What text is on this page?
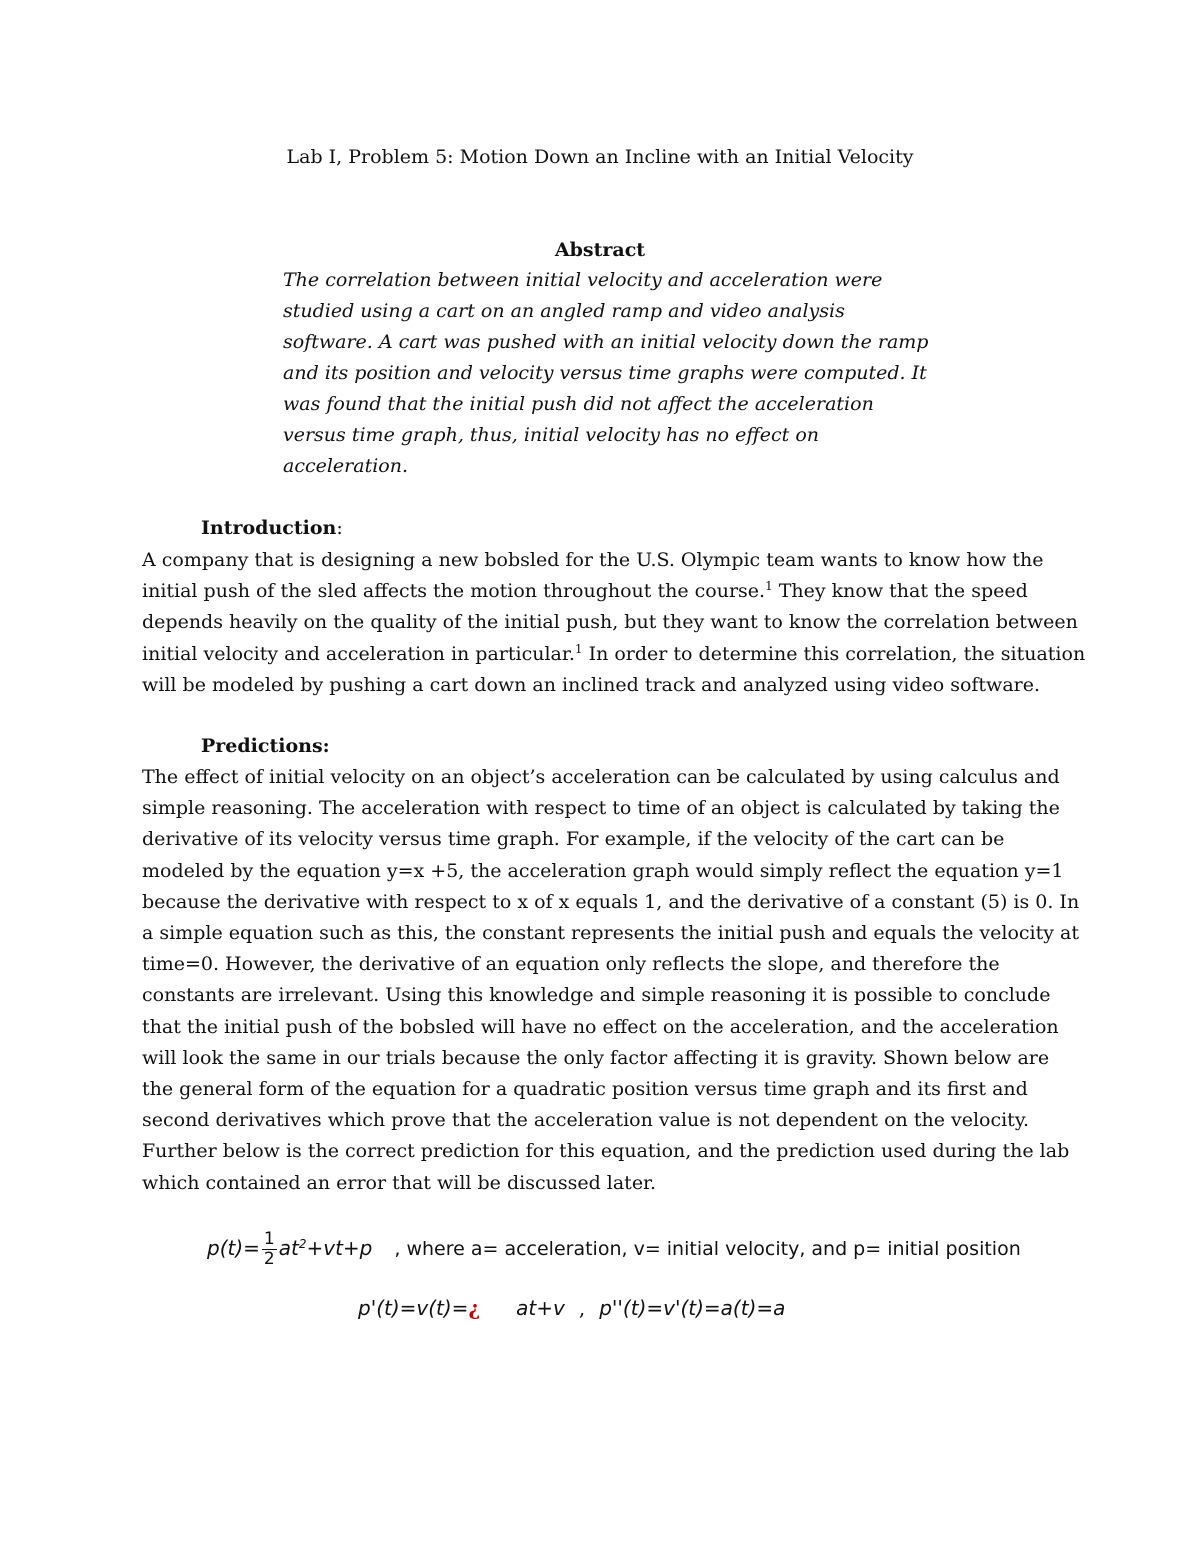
Lab I, Problem 5: Motion Down an Incline with an Initial Velocity
Abstract
The correlation between initial velocity and acceleration were
studied using a cart on an angled ramp and video analysis
software. A cart was pushed with an initial velocity down the ramp
and its position and velocity versus time graphs were computed. It
was found that the initial push did not affect the acceleration
versus time graph, thus, initial velocity has no effect on
acceleration.
Introduction:
A company that is designing a new bobsled for the U.S. Olympic team wants to know how the
initial push of the sled affects the motion throughout the course.$^1$ They know that the speed
depends heavily on the quality of the initial push, but they want to know the correlation between
initial velocity and acceleration in particular.$^1$ In order to determine this correlation, the situation
will be modeled by pushing a cart down an inclined track and analyzed using video software.
Predictions:
The effect of initial velocity on an object’s acceleration can be calculated by using calculus and
simple reasoning. The acceleration with respect to time of an object is calculated by taking the
derivative of its velocity versus time graph. For example, if the velocity of the cart can be
modeled by the equation y=x +5, the acceleration graph would simply reflect the equation y=1
because the derivative with respect to x of x equals 1, and the derivative of a constant (5) is 0. In
a simple equation such as this, the constant represents the initial push and equals the velocity at
time=0. However, the derivative of an equation only reflects the slope, and therefore the
constants are irrelevant. Using this knowledge and simple reasoning it is possible to conclude
that the initial push of the bobsled will have no effect on the acceleration, and the acceleration
will look the same in our trials because the only factor affecting it is gravity. Shown below are
the general form of the equation for a quadratic position versus time graph and its first and
second derivatives which prove that the acceleration value is not dependent on the velocity.
Further below is the correct prediction for this equation, and the prediction used during the lab
which contained an error that will be discussed later.
$p(t)= \frac{1}{2} at^2+vt+p$ , where a= acceleration, v= initial velocity, and p= initial position
p'(t)=v(t)=¿ at+v , p''(t)=v'(t)=a(t)=a
